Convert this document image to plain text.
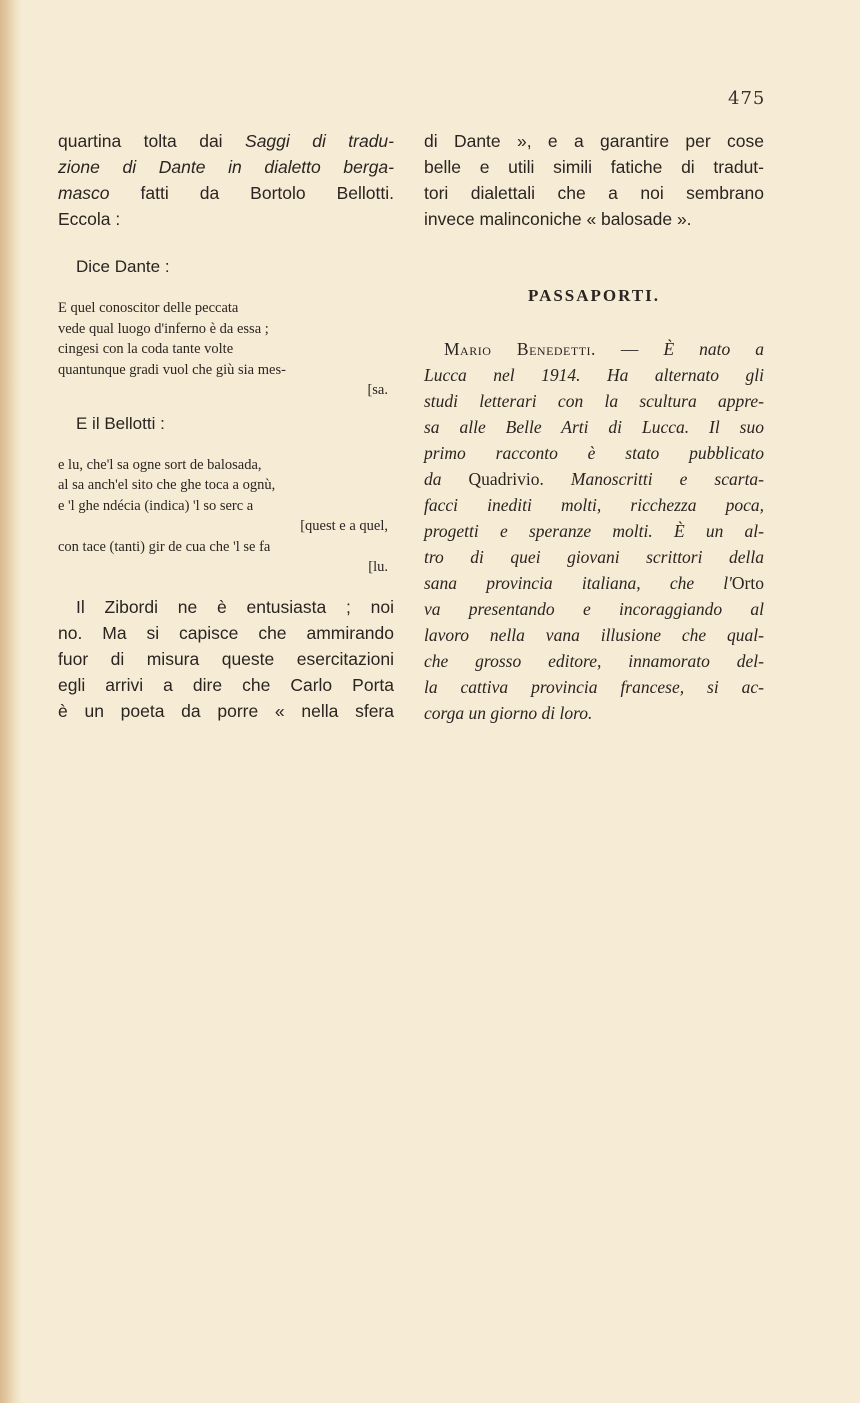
475
quartina tolta dai Saggi di tradu-
zione di Dante in dialetto berga-
masco fatti da Bortolo Bellotti.
Eccola :
Dice Dante :
E quel conoscitor delle peccata
vede qual luogo d'inferno è da essa ;
cingesi con la coda tante volte
quantunque gradi vuol che giù sia mes-
[sa.
E il Bellotti :
e lu, che'l sa ogne sort de balosada,
al sa anch'el sito che ghe toca a ognù,
e 'l ghe ndécia (indica) 'l so serc a
[quest e a quel,
con tace (tanti) gir de cua che 'l se fa
[lu.
Il Zibordi ne è entusiasta ; noi
no. Ma si capisce che ammirando
fuor di misura queste esercitazioni
egli arrivi a dire che Carlo Porta
è un poeta da porre « nella sfera
di Dante », e a garantire per cose
belle e utili simili fatiche di tradut-
tori dialettali che a noi sembrano
invece malinconiche « balosade ».
PASSAPORTI.
Mario Benedetti. — È nato a
Lucca nel 1914. Ha alternato gli
studi letterari con la scultura appre-
sa alle Belle Arti di Lucca. Il suo
primo racconto è stato pubblicato
da Quadrivio. Manoscritti e scarta-
facci inediti molti, ricchezza poca,
progetti e speranze molti. È un al-
tro di quei giovani scrittori della
sana provincia italiana, che l'Orto
va presentando e incoraggiando al
lavoro nella vana illusione che qual-
che grosso editore, innamorato del-
la cattiva provincia francese, si ac-
corga un giorno di loro.
